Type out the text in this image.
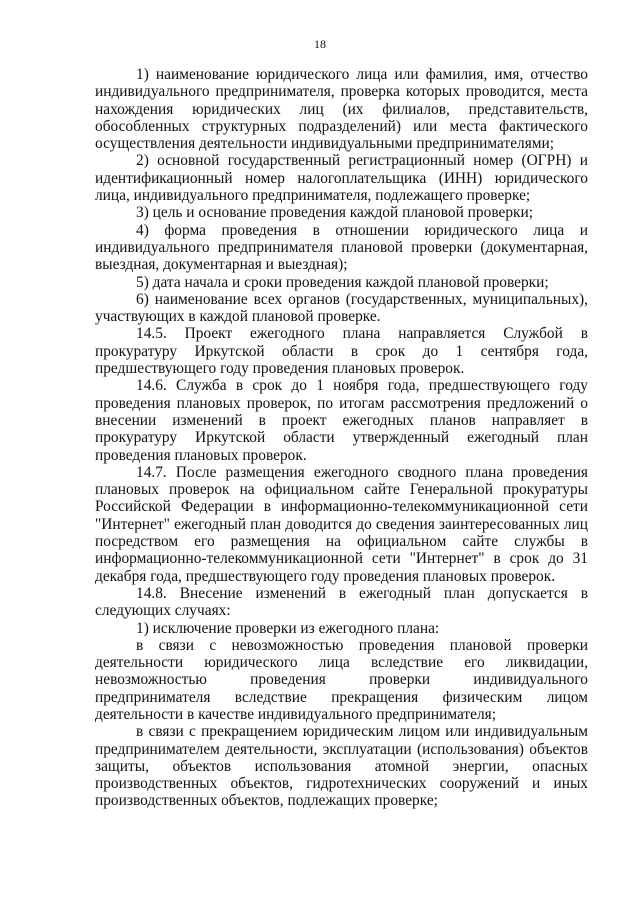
18

1) наименование юридического лица или фамилия, имя, отчество индивидуального предпринимателя, проверка которых проводится, места нахождения юридических лиц (их филиалов, представительств, обособленных структурных подразделений) или места фактического осуществления деятельности индивидуальными предпринимателями;

2) основной государственный регистрационный номер (ОГРН) и идентификационный номер налогоплательщика (ИНН) юридического лица, индивидуального предпринимателя, подлежащего проверке;

3) цель и основание проведения каждой плановой проверки;

4) форма проведения в отношении юридического лица и индивидуального предпринимателя плановой проверки (документарная, выездная, документарная и выездная);

5) дата начала и сроки проведения каждой плановой проверки;

6) наименование всех органов (государственных, муниципальных), участвующих в каждой плановой проверке.

14.5. Проект ежегодного плана направляется Службой в прокуратуру Иркутской области в срок до 1 сентября года, предшествующего году проведения плановых проверок.

14.6. Служба в срок до 1 ноября года, предшествующего году проведения плановых проверок, по итогам рассмотрения предложений о внесении изменений в проект ежегодных планов направляет в прокуратуру Иркутской области утвержденный ежегодный план проведения плановых проверок.

14.7. После размещения ежегодного сводного плана проведения плановых проверок на официальном сайте Генеральной прокуратуры Российской Федерации в информационно-телекоммуникационной сети "Интернет" ежегодный план доводится до сведения заинтересованных лиц посредством его размещения на официальном сайте службы в информационно-телекоммуникационной сети "Интернет" в срок до 31 декабря года, предшествующего году проведения плановых проверок.

14.8. Внесение изменений в ежегодный план допускается в следующих случаях:

1) исключение проверки из ежегодного плана:

в связи с невозможностью проведения плановой проверки деятельности юридического лица вследствие его ликвидации, невозможностью проведения проверки индивидуального предпринимателя вследствие прекращения физическим лицом деятельности в качестве индивидуального предпринимателя;

в связи с прекращением юридическим лицом или индивидуальным предпринимателем деятельности, эксплуатации (использования) объектов защиты, объектов использования атомной энергии, опасных производственных объектов, гидротехнических сооружений и иных производственных объектов, подлежащих проверке;
